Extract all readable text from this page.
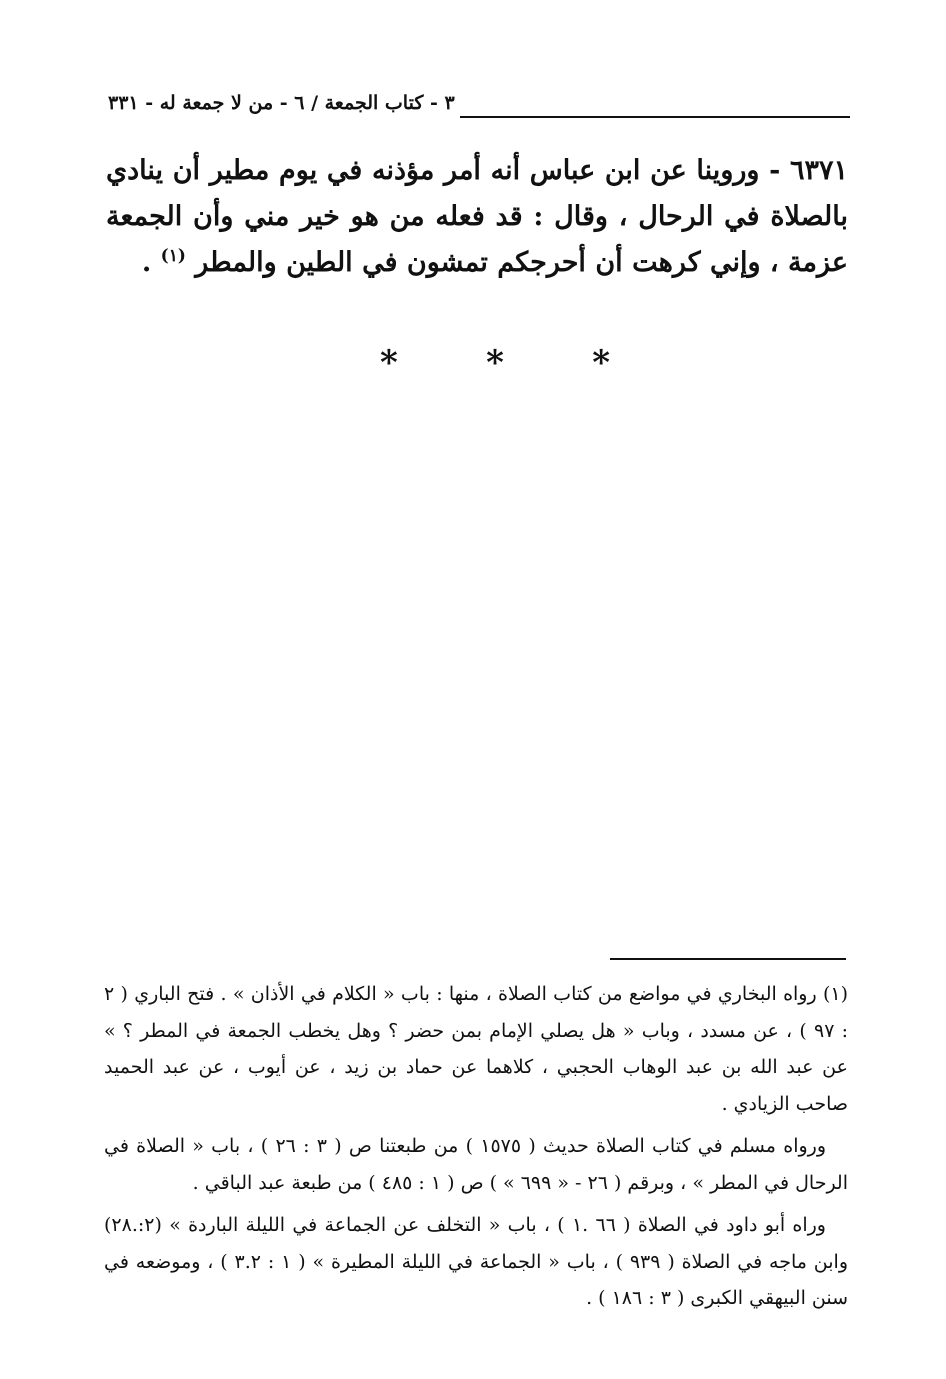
٣ - كتاب الجمعة / ٦ - من لا جمعة له - ٣٣١
٦٣٧١ - وروينا عن ابن عباس أنه أمر مؤذنه في يوم مطير أن ينادي بالصلاة في الرحال ، وقال : قد فعله من هو خير مني وأن الجمعة عزمة ، وإني كرهت أن أحرجكم تمشون في الطين والمطر $^{(١)}$ .
*	*	*

(١) رواه البخاري في مواضع من كتاب الصلاة ، منها : باب « الكلام في الأذان » . فتح الباري ( ٢ : ٩٧ ) ، عن مسدد ، وباب « هل يصلي الإمام بمن حضر ؟ وهل يخطب الجمعة في المطر ؟ » عن عبد الله بن عبد الوهاب الحجبي ، كلاهما عن حماد بن زيد ، عن أيوب ، عن عبد الحميد صاحب الزيادي .

ورواه مسلم في كتاب الصلاة حديث ( ١٥٧٥ ) من طبعتنا ص ( ٣ : ٢٦ ) ، باب « الصلاة في الرحال في المطر » ، وبرقم ( ٢٦ - « ٦٩٩ » ) ص ( ١ : ٤٨٥ ) من طبعة عبد الباقي .

وراه أبو داود في الصلاة ( ٦٦ .١ ) ، باب « التخلف عن الجماعة في الليلة الباردة » (٢:.٢٨) وابن ماجه في الصلاة ( ٩٣٩ ) ، باب « الجماعة في الليلة المطيرة » ( ١ : ٣.٢ ) ، وموضعه في سنن البيهقي الكبرى ( ٣ : ١٨٦ ) .
